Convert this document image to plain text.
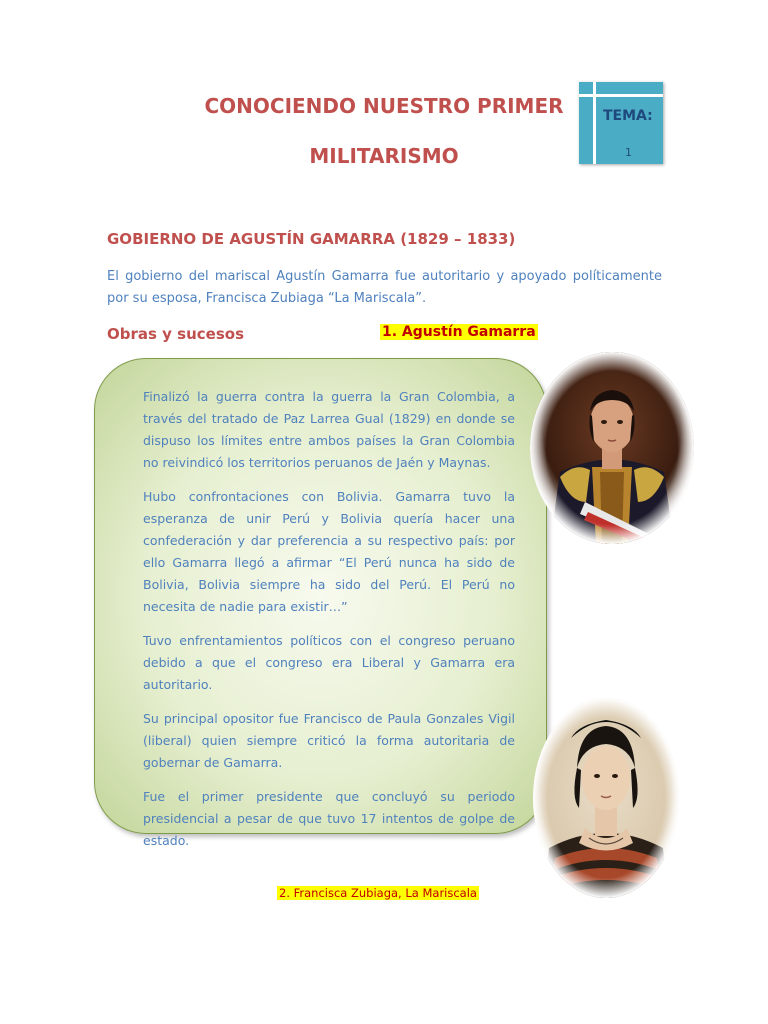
CONOCIENDO NUESTRO PRIMER
MILITARISMO
TEMA:
1
GOBIERNO DE AGUSTÍN GAMARRA (1829 – 1833)

El gobierno del mariscal Agustín Gamarra fue autoritario y apoyado políticamente por su esposa, Francisca Zubiaga “La Mariscala”.

Obras y sucesos	1. Agustín Gamarra

Finalizó la guerra contra la guerra la Gran Colombia, a través del tratado de Paz Larrea Gual (1829) en donde se dispuso los límites entre ambos países la Gran Colombia no reivindicó los territorios peruanos de Jaén y Maynas.

Hubo confrontaciones con Bolivia. Gamarra tuvo la esperanza de unir Perú y Bolivia quería hacer una confederación y dar preferencia a su respectivo país: por ello Gamarra llegó a afirmar “El Perú nunca ha sido de Bolivia, Bolivia siempre ha sido del Perú. El Perú no necesita de nadie para existir…”

Tuvo enfrentamientos políticos con el congreso peruano debido a que el congreso era Liberal y Gamarra era autoritario.

Su principal opositor fue Francisco de Paula Gonzales Vigil (liberal) quien siempre criticó la forma autoritaria de gobernar de Gamarra.

Fue el primer presidente que concluyó su periodo presidencial a pesar de que tuvo 17 intentos de golpe de estado.

2. Francisca Zubiaga, La Mariscala
